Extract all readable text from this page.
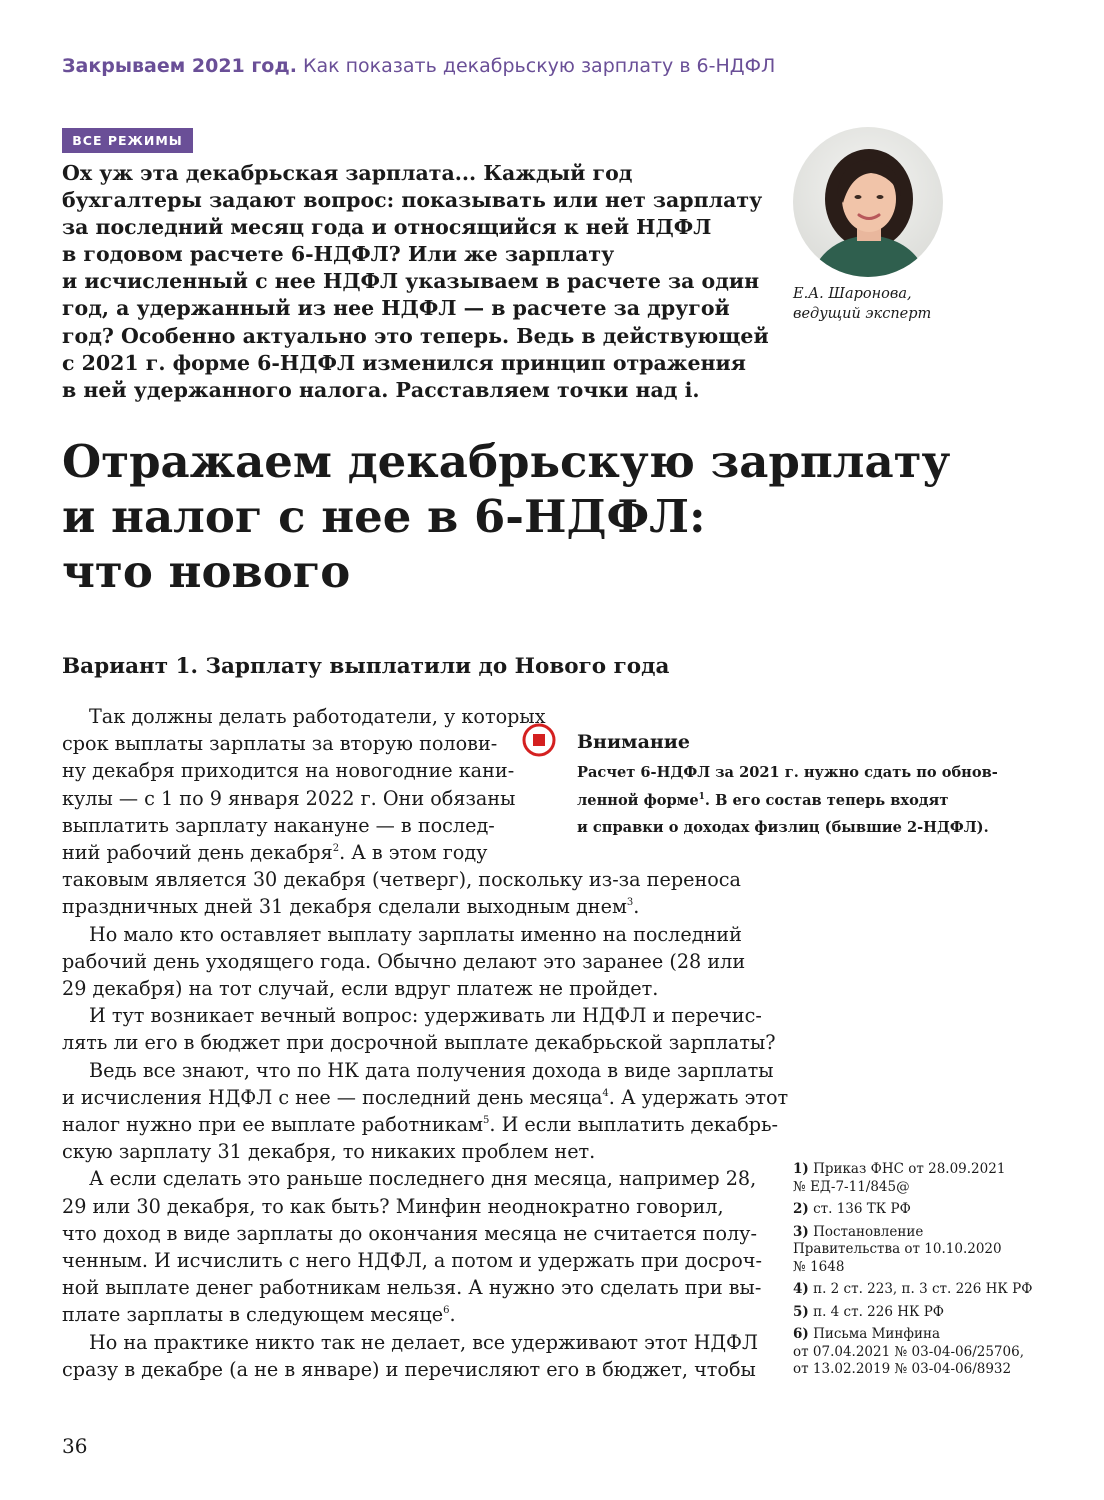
Закрываем 2021 год. Как показать декабрьскую зарплату в 6-НДФЛ
ВСЕ РЕЖИМЫ

Ох уж эта декабрьская зарплата... Каждый год
бухгалтеры задают вопрос: показывать или нет зарплату
за последний месяц года и относящийся к ней НДФЛ
в годовом расчете 6-НДФЛ? Или же зарплату
и исчисленный с нее НДФЛ указываем в расчете за один
год, а удержанный из нее НДФЛ — в расчете за другой
год? Особенно актуально это теперь. Ведь в действующей
с 2021 г. форме 6-НДФЛ изменился принцип отражения
в ней удержанного налога. Расставляем точки над i.

Е.А. Шаронова,
ведущий эксперт
Отражаем декабрьскую зарплату
и налог с нее в 6-НДФЛ:
что нового
Вариант 1. Зарплату выплатили до Нового года
Внимание
Расчет 6-НДФЛ за 2021 г. нужно сдать по обнов-
ленной форме$^1$. В его состав теперь входят
и справки о доходах физлиц (бывшие 2-НДФЛ).
Так должны делать работодатели, у которых
срок выплаты зарплаты за вторую полови-
ну декабря приходится на новогодние кани-
кулы — с 1 по 9 января 2022 г. Они обязаны
выплатить зарплату накануне — в послед-
ний рабочий день декабря$^2$. А в этом году
таковым является 30 декабря (четверг), поскольку из-за переноса
праздничных дней 31 декабря сделали выходным днем$^3$.
Но мало кто оставляет выплату зарплаты именно на последний
рабочий день уходящего года. Обычно делают это заранее (28 или
29 декабря) на тот случай, если вдруг платеж не пройдет.
И тут возникает вечный вопрос: удерживать ли НДФЛ и перечис-
лять ли его в бюджет при досрочной выплате декабрьской зарплаты?
Ведь все знают, что по НК дата получения дохода в виде зарплаты
и исчисления НДФЛ с нее — последний день месяца$^4$. А удержать этот
налог нужно при ее выплате работникам$^5$. И если выплатить декабрь-
скую зарплату 31 декабря, то никаких проблем нет.
А если сделать это раньше последнего дня месяца, например 28,
29 или 30 декабря, то как быть? Минфин неоднократно говорил,
что доход в виде зарплаты до окончания месяца не считается полу-
ченным. И исчислить с него НДФЛ, а потом и удержать при досроч-
ной выплате денег работникам нельзя. А нужно это сделать при вы-
плате зарплаты в следующем месяце$^6$.
Но на практике никто так не делает, все удерживают этот НДФЛ
сразу в декабре (а не в январе) и перечисляют его в бюджет, чтобы
1) Приказ ФНС от 28.09.2021
№ ЕД-7-11/845@
2) ст. 136 ТК РФ
3) Постановление
Правительства от 10.10.2020
№ 1648
4) п. 2 ст. 223, п. 3 ст. 226 НК РФ
5) п. 4 ст. 226 НК РФ
6) Письма Минфина
от 07.04.2021 № 03-04-06/25706,
от 13.02.2019 № 03-04-06/8932
36
